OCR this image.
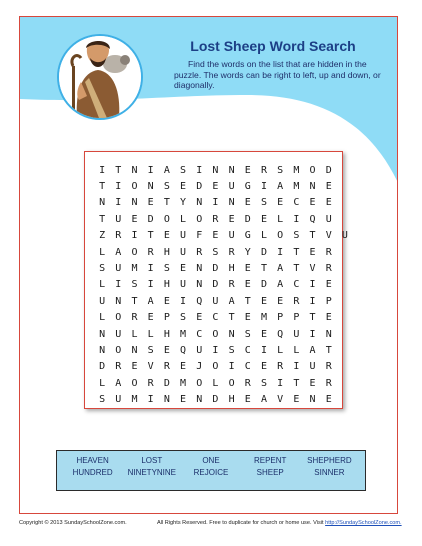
Lost Sheep Word Search
Find the words on the list that are hidden in the puzzle. The words can be right to left, up and down, or diagonally.
I	T	N	I	A	S	I	N	N	E	R	S	M	O	D
T	I	O	N	S	E	D	E	U	G	I	A	M	N	E
N	I	N	E	T	Y	N	I	N	E	S	E	C	E	E
T	U	E	D	O	L	O	R	E	D	E	L	I	Q	U
Z	R	I	T	E	U	F	E	U	G	L	O	S	T	V	U
L	A	O	R	H	U	R	S	R	Y	D	I	T	E	R
S	U	M	I	S	E	N	D	H	E	T	A	T	V	R
L	I	S	I	H	U	N	D	R	E	D	A	C	I	E
U	N	T	A	E	I	Q	U	A	T	E	E	R	I	P
L	O	R	E	P	S	E	C	T	E	M	P	P	T	E
N	U	L	L	H	M	C	O	N	S	E	Q	U	I	N
N	O	N	S	E	Q	U	I	S	C	I	L	L	A	T
D	R	E	V	R	E	J	O	I	C	E	R	I	U	R
L	A	O	R	D	M	O	L	O	R	S	I	T	E	R
S	U	M	I	N	E	N	D	H	E	A	V	E	N	E
HEAVEN	LOST	ONE	REPENT	SHEPHERD
HUNDRED	NINETYNINE	REJOICE	SHEEP	SINNER
Copyright © 2013 SundaySchoolZone.com.	All Rights Reserved. Free to duplicate for church or home use. Visit http://SundaySchoolZone.com.
